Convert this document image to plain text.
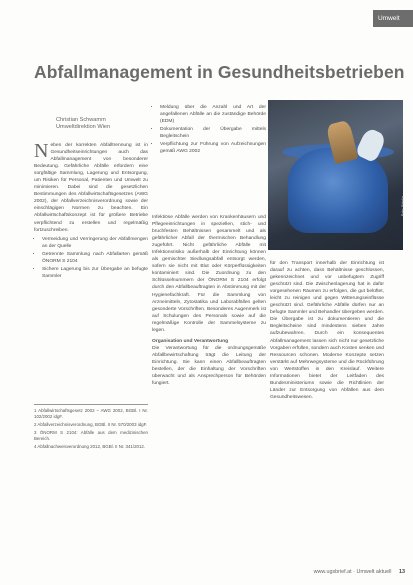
Umwelt
Abfallmanagement in Gesundheitsbetrieben
Christian Schwamm
Umweltdirektion Wien

Neben der korrekten Abfalltrennung ist in Gesundheitseinrichtungen auch das Abfallmanagement von besonderer Bedeutung. Gefährliche Abfälle erfordern eine sorgfältige Sammlung, Lagerung und Entsorgung, um Risiken für Personal, Patienten und Umwelt zu minimieren. Dabei sind die gesetzlichen Bestimmungen des Abfallwirtschaftsgesetzes (AWG 2002), der Abfallverzeichnisverordnung sowie der einschlägigen Normen zu beachten. Ein Abfallwirtschaftskonzept ist für größere Betriebe verpflichtend zu erstellen und regelmäßig fortzuschreiben.

• Vermeidung und Verringerung der Abfallmengen an der Quelle
• Getrennte Sammlung nach Abfallarten gemäß ÖNORM S 2104
• Sichere Lagerung bis zur Übergabe an befugte Sammler
1 Abfallwirtschaftsgesetz 2002 – AWG 2002, BGBl. I Nr. 102/2002 idgF.
2 Abfallverzeichnisverordnung, BGBl. II Nr. 570/2003 idgF.
3 ÖNORM S 2104: Abfälle aus dem medizinischen Bereich.
4 Abfallnachweisverordnung 2012, BGBl. II Nr. 341/2012.
• Meldung über die Anzahl und Art der angefallenen Abfälle an die zuständige Behörde (EDM)
• Dokumentation der Übergabe mittels Begleitschein
• Verpflichtung zur Führung von Aufzeichnungen gemäß AWG 2002

Infektiöse Abfälle werden von Krankenhäusern und Pflegeeinrichtungen in speziellen, stich- und bruchfesten Behältnissen gesammelt und als gefährlicher Abfall der thermischen Behandlung zugeführt. Nicht gefährliche Abfälle mit Infektionsrisiko außerhalb der Einrichtung können als gemischter Siedlungsabfall entsorgt werden, sofern sie nicht mit Blut oder Körperflüssigkeiten kontaminiert sind. Die Zuordnung zu den Schlüsselnummern der ÖNORM S 2104 erfolgt durch den Abfallbeauftragten in Abstimmung mit der Hygienefachkraft. Für die Sammlung von Arzneimitteln, Zytostatika und Laborabfällen gelten gesonderte Vorschriften. Besonderes Augenmerk ist auf Schulungen des Personals sowie auf die regelmäßige Kontrolle der Sammelsysteme zu legen.

Organisation und Verantwortung

Die Verantwortung für die ordnungsgemäße Abfallbewirtschaftung trägt die Leitung der Einrichtung. Sie kann einen Abfallbeauftragten bestellen, der die Einhaltung der Vorschriften überwacht und als Ansprechperson für Behörden fungiert.

Foto: Fotolia

für den Transport innerhalb der Einrichtung ist darauf zu achten, dass Behältnisse geschlossen, gekennzeichnet und vor unbefugtem Zugriff geschützt sind. Die Zwischenlagerung hat in dafür vorgesehenen Räumen zu erfolgen, die gut belüftet, leicht zu reinigen und gegen Witterungseinflüsse geschützt sind. Gefährliche Abfälle dürfen nur an befugte Sammler und Behandler übergeben werden. Die Übergabe ist zu dokumentieren und die Begleitscheine sind mindestens sieben Jahre aufzubewahren. Durch ein konsequentes Abfallmanagement lassen sich nicht nur gesetzliche Vorgaben erfüllen, sondern auch Kosten senken und Ressourcen schonen. Moderne Konzepte setzen verstärkt auf Mehrwegsysteme und die Rückführung von Wertstoffen in den Kreislauf. Weitere Informationen bietet der Leitfaden des Bundesministeriums sowie die Richtlinien der Länder zur Entsorgung von Abfällen aus dem Gesundheitswesen.

www.ugsbrief.at · Umwelt aktuell 13
